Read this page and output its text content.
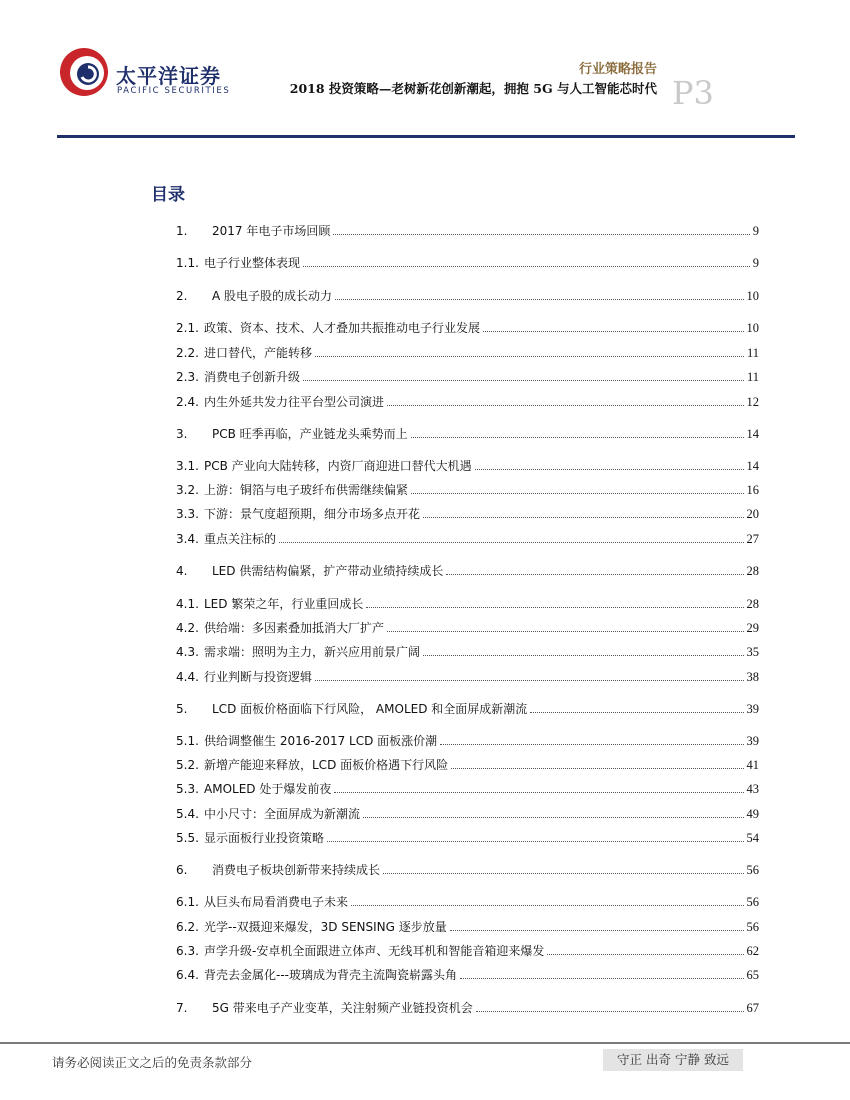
太平洋证券
PACIFIC SECURITIES
行业策略报告
2018 投资策略—老树新花创新潮起，拥抱 5G 与人工智能芯时代 P3
目录
1.	2017 年电子市场回顾	9
1.1. 电子行业整体表现	9
2.	A 股电子股的成长动力	10
2.1. 政策、资本、技术、人才叠加共振推动电子行业发展	10
2.2. 进口替代，产能转移	11
2.3. 消费电子创新升级	11
2.4. 内生外延共发力往平台型公司演进	12
3.	PCB 旺季再临，产业链龙头乘势而上	14
3.1. PCB 产业向大陆转移，内资厂商迎进口替代大机遇	14
3.2. 上游：铜箔与电子玻纤布供需继续偏紧	16
3.3. 下游：景气度超预期，细分市场多点开花	20
3.4. 重点关注标的	27
4.	LED 供需结构偏紧，扩产带动业绩持续成长	28
4.1. LED 繁荣之年，行业重回成长	28
4.2. 供给端：多因素叠加抵消大厂扩产	29
4.3. 需求端：照明为主力，新兴应用前景广阔	35
4.4. 行业判断与投资逻辑	38
5.	LCD 面板价格面临下行风险， AMOLED 和全面屏成新潮流	39
5.1. 供给调整催生 2016-2017 LCD 面板涨价潮	39
5.2. 新增产能迎来释放，LCD 面板价格遇下行风险	41
5.3. AMOLED 处于爆发前夜	43
5.4. 中小尺寸：全面屏成为新潮流	49
5.5. 显示面板行业投资策略	54
6.	消费电子板块创新带来持续成长	56
6.1. 从巨头布局看消费电子未来	56
6.2. 光学--双摄迎来爆发，3D SENSING 逐步放量	56
6.3. 声学升级-安卓机全面跟进立体声、无线耳机和智能音箱迎来爆发	62
6.4. 背壳去金属化---玻璃成为背壳主流陶瓷崭露头角	65
7.	5G 带来电子产业变革，关注射频产业链投资机会	67
请务必阅读正文之后的免责条款部分	守正 出奇 宁静 致远
